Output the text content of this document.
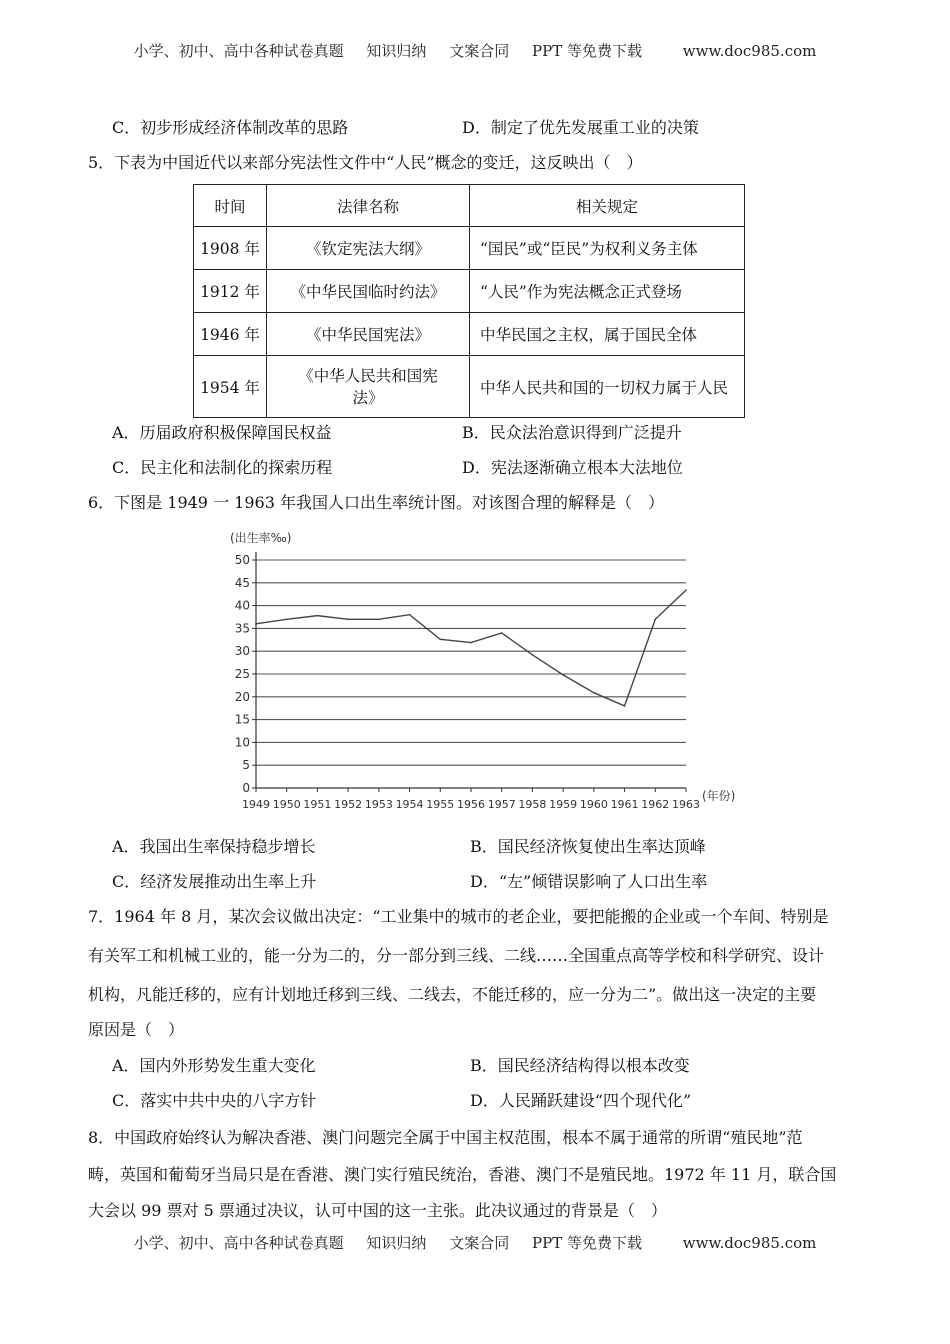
小学、初中、高中各种试卷真题 知识归纳 文案合同 PPT 等免费下载	www.doc985.com
C．初步形成经济体制改革的思路	D．制定了优先发展重工业的决策
5．下表为中国近代以来部分宪法性文件中“人民”概念的变迁，这反映出（　）
时间	法律名称	相关规定
1908 年	《钦定宪法大纲》	“国民”或“臣民”为权利义务主体
1912 年	《中华民国临时约法》	“人民”作为宪法概念正式登场
1946 年	《中华民国宪法》	中华民国之主权，属于国民全体
1954 年	《中华人民共和国宪
法》	中华人民共和国的一切权力属于人民
A．历届政府积极保障国民权益	B．民众法治意识得到广泛提升
C．民主化和法制化的探索历程	D．宪法逐渐确立根本大法地位
6．下图是 1949 一 1963 年我国人口出生率统计图。对该图合理的解释是（　）
0
5
10
15
20
25
30
35
40
45
50
1949 1950 1951 1952 1953 1954 1955 1956 1957 1958 1959 1960 1961 1962 1963
(出生率‰)
(年份)
A．我国出生率保持稳步增长	B．国民经济恢复使出生率达顶峰
C．经济发展推动出生率上升	D．“左”倾错误影响了人口出生率
7．1964 年 8 月，某次会议做出决定：“工业集中的城市的老企业，要把能搬的企业或一个车间、特别是
有关军工和机械工业的，能一分为二的，分一部分到三线、二线……全国重点高等学校和科学研究、设计
机构，凡能迁移的，应有计划地迁移到三线、二线去，不能迁移的，应一分为二”。做出这一决定的主要
原因是（　）
A．国内外形势发生重大变化	B．国民经济结构得以根本改变
C．落实中共中央的八字方针	D．人民踊跃建设“四个现代化”
8．中国政府始终认为解决香港、澳门问题完全属于中国主权范围，根本不属于通常的所谓“殖民地”范
畴，英国和葡萄牙当局只是在香港、澳门实行殖民统治，香港、澳门不是殖民地。1972 年 11 月，联合国
大会以 99 票对 5 票通过决议，认可中国的这一主张。此决议通过的背景是（　）
小学、初中、高中各种试卷真题 知识归纳 文案合同 PPT 等免费下载	www.doc985.com
